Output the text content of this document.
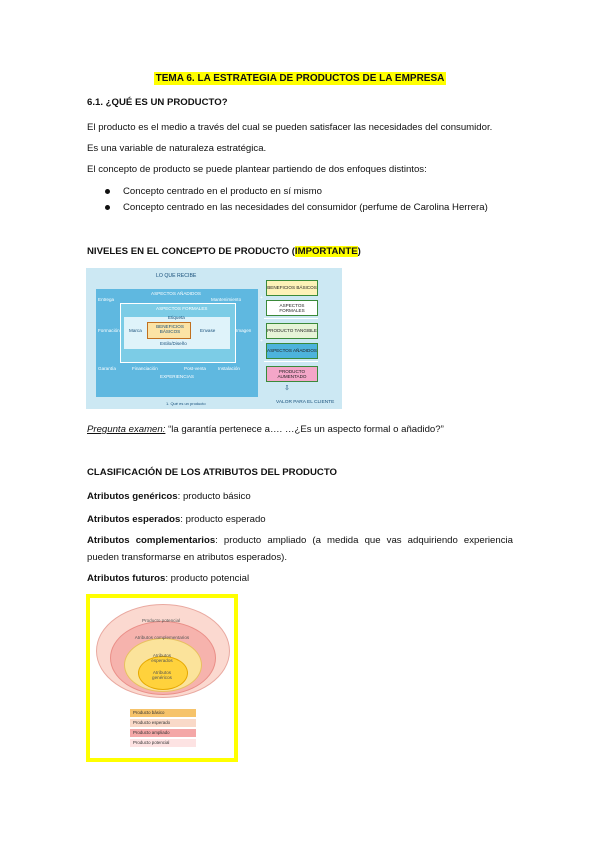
TEMA 6. LA ESTRATEGIA DE PRODUCTOS DE LA EMPRESA
6.1. ¿QUÉ ES UN PRODUCTO?
El producto es el medio a través del cual se pueden satisfacer las necesidades del consumidor.
Es una variable de naturaleza estratégica.
El concepto de producto se puede plantear partiendo de dos enfoques distintos:
Concepto centrado en el producto en sí mismo
Concepto centrado en las necesidades del consumidor (perfume de Carolina Herrera)
NIVELES EN EL CONCEPTO DE PRODUCTO (IMPORTANTE)
LO QUE RECIBE
ASPECTOS AÑADIDOS
Entrega	Mantenimiento
ASPECTOS FORMALES
Etiqueta
BENEFICIOS BÁSICOS
Formación Marca	Envase	Imagen
Estilo/Diseño
Garantía	Financiación	Post-venta	Instalación
EXPERIENCIAS
1. Qué es un producto
BENEFICIOS BÁSICOS
ASPECTOS FORMALES
PRODUCTO TANGIBLE
ASPECTOS AÑADIDOS
PRODUCTO AUMENTADO
+
+
⇩
VALOR PARA EL CLIENTE
Pregunta examen: “la garantía pertenece a…. …¿Es un aspecto formal o añadido?”
CLASIFICACIÓN DE LOS ATRIBUTOS DEL PRODUCTO
Atributos genéricos: producto básico
Atributos esperados: producto esperado
Atributos complementarios: producto ampliado (a medida que vas adquiriendo experiencia pueden transformarse en atributos esperados).
Atributos futuros: producto potencial
Producto potencial
Atributos complementarios
Atributos esperados
Atributos genéricos
Producto básico
Producto esperado
Producto ampliado
Producto potencial
